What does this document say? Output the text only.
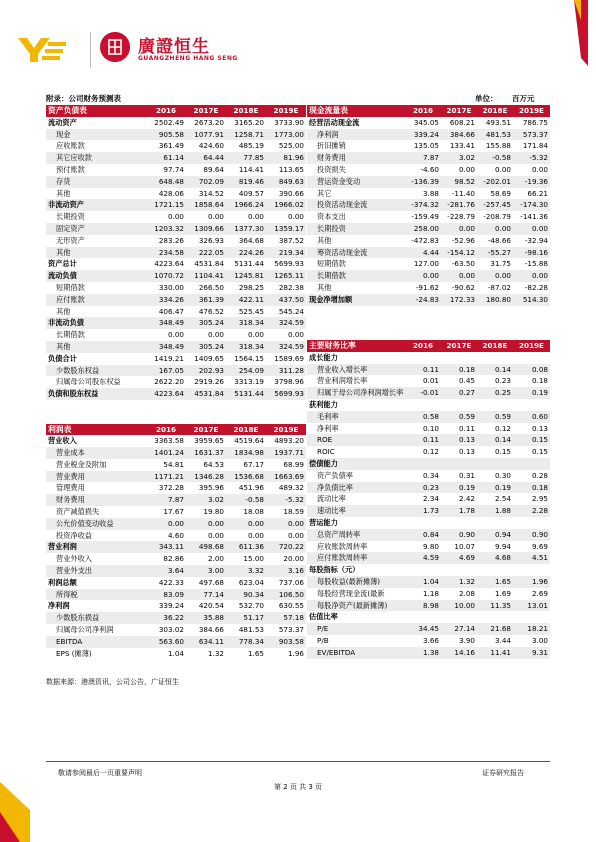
廣證恒生
GUANGZHENG HANG SENG
附录：公司财务预测表	单位： 百万元
资产负债表	2016	2017E	2018E	2019E
流动资产	2502.49	2673.20	3165.20	3733.90
现金	905.58	1077.91	1258.71	1773.00
应收账款	361.49	424.60	485.19	525.00
其它应收款	61.14	64.44	77.85	81.96
预付账款	97.74	89.64	114.41	113.65
存货	648.48	702.09	819.46	849.63
其他	428.06	314.52	409.57	390.66
非流动资产	1721.15	1858.64	1966.24	1966.02
长期投资	0.00	0.00	0.00	0.00
固定资产	1203.32	1309.66	1377.30	1359.17
无形资产	283.26	326.93	364.68	387.52
其他	234.58	222.05	224.26	219.34
资产总计	4223.64	4531.84	5131.44	5699.93
流动负债	1070.72	1104.41	1245.81	1265.11
短期借款	330.00	266.50	298.25	282.38
应付账款	334.26	361.39	422.11	437.50
其他	406.47	476.52	525.45	545.24
非流动负债	348.49	305.24	318.34	324.59
长期借款	0.00	0.00	0.00	0.00
其他	348.49	305.24	318.34	324.59
负债合计	1419.21	1409.65	1564.15	1589.69
少数股东权益	167.05	202.93	254.09	311.28
归属母公司股东权益	2622.20	2919.26	3313.19	3798.96
负债和股东权益	4223.64	4531.84	5131.44	5699.93
利润表	2016	2017E	2018E	2019E
营业收入	3363.58	3959.65	4519.64	4893.20
营业成本	1401.24	1631.37	1834.98	1937.71
营业税金及附加	54.81	64.53	67.17	68.99
营业费用	1171.21	1346.28	1536.68	1663.69
管理费用	372.28	395.96	451.96	489.32
财务费用	7.87	3.02	-0.58	-5.32
资产减值损失	17.67	19.80	18.08	18.59
公允价值变动收益	0.00	0.00	0.00	0.00
投资净收益	4.60	0.00	0.00	0.00
营业利润	343.11	498.68	611.36	720.22
营业外收入	82.86	2.00	15.00	20.00
营业外支出	3.64	3.00	3.32	3.16
利润总额	422.33	497.68	623.04	737.06
所得税	83.09	77.14	90.34	106.50
净利润	339.24	420.54	532.70	630.55
少数股东损益	36.22	35.88	51.17	57.18
归属母公司净利润	303.02	384.66	481.53	573.37
EBITDA	563.60	634.11	778.34	903.58
EPS (摊薄)	1.04	1.32	1.65	1.96
现金流量表	2016	2017E	2018E	2019E
经营活动现金流	345.05	608.21	493.51	786.75
净利润	339.24	384.66	481.53	573.37
折旧摊销	135.05	133.41	155.88	171.84
财务费用	7.87	3.02	-0.58	-5.32
投资损失	-4.60	0.00	0.00	0.00
营运资金变动	-136.39	98.52	-202.01	-19.36
其它	3.88	-11.40	58.69	66.21
投资活动现金流	-374.32	-281.76	-257.45	-174.30
资本支出	-159.49	-228.79	-208.79	-141.36
长期投资	258.00	0.00	0.00	0.00
其他	-472.83	-52.96	-48.66	-32.94
筹资活动现金流	4.44	-154.12	-55.27	-98.16
短期借款	127.00	-63.50	31.75	-15.88
长期借款	0.00	0.00	0.00	0.00
其他	-91.62	-90.62	-87.02	-82.28
现金净增加额	-24.83	172.33	180.80	514.30
主要财务比率	2016	2017E	2018E	2019E
成长能力				
营业收入增长率	0.11	0.18	0.14	0.08
营业利润增长率	0.01	0.45	0.23	0.18
归属于母公司净利润增长率	-0.01	0.27	0.25	0.19
获利能力				
毛利率	0.58	0.59	0.59	0.60
净利率	0.10	0.11	0.12	0.13
ROE	0.11	0.13	0.14	0.15
ROIC	0.12	0.13	0.15	0.15
偿债能力				
资产负债率	0.34	0.31	0.30	0.28
净负债比率	0.23	0.19	0.19	0.18
流动比率	2.34	2.42	2.54	2.95
速动比率	1.73	1.78	1.88	2.28
营运能力				
总资产周转率	0.84	0.90	0.94	0.90
应收账款周转率	9.80	10.07	9.94	9.69
应付账款周转率	4.59	4.69	4.68	4.51
每股指标（元）				
每股收益(最新摊薄)	1.04	1.32	1.65	1.96
每股经营现金流(最新	1.18	2.08	1.69	2.69
每股净资产(最新摊薄)	8.98	10.00	11.35	13.01
估值比率				
P/E	34.45	27.14	21.68	18.21
P/B	3.66	3.90	3.44	3.00
EV/EBITDA	1.38	14.16	11.41	9.31
数据来源：港澳资讯，公司公告，广证恒生
敬请参阅最后一页重要声明	证券研究报告
第 2 页 共 3 页
